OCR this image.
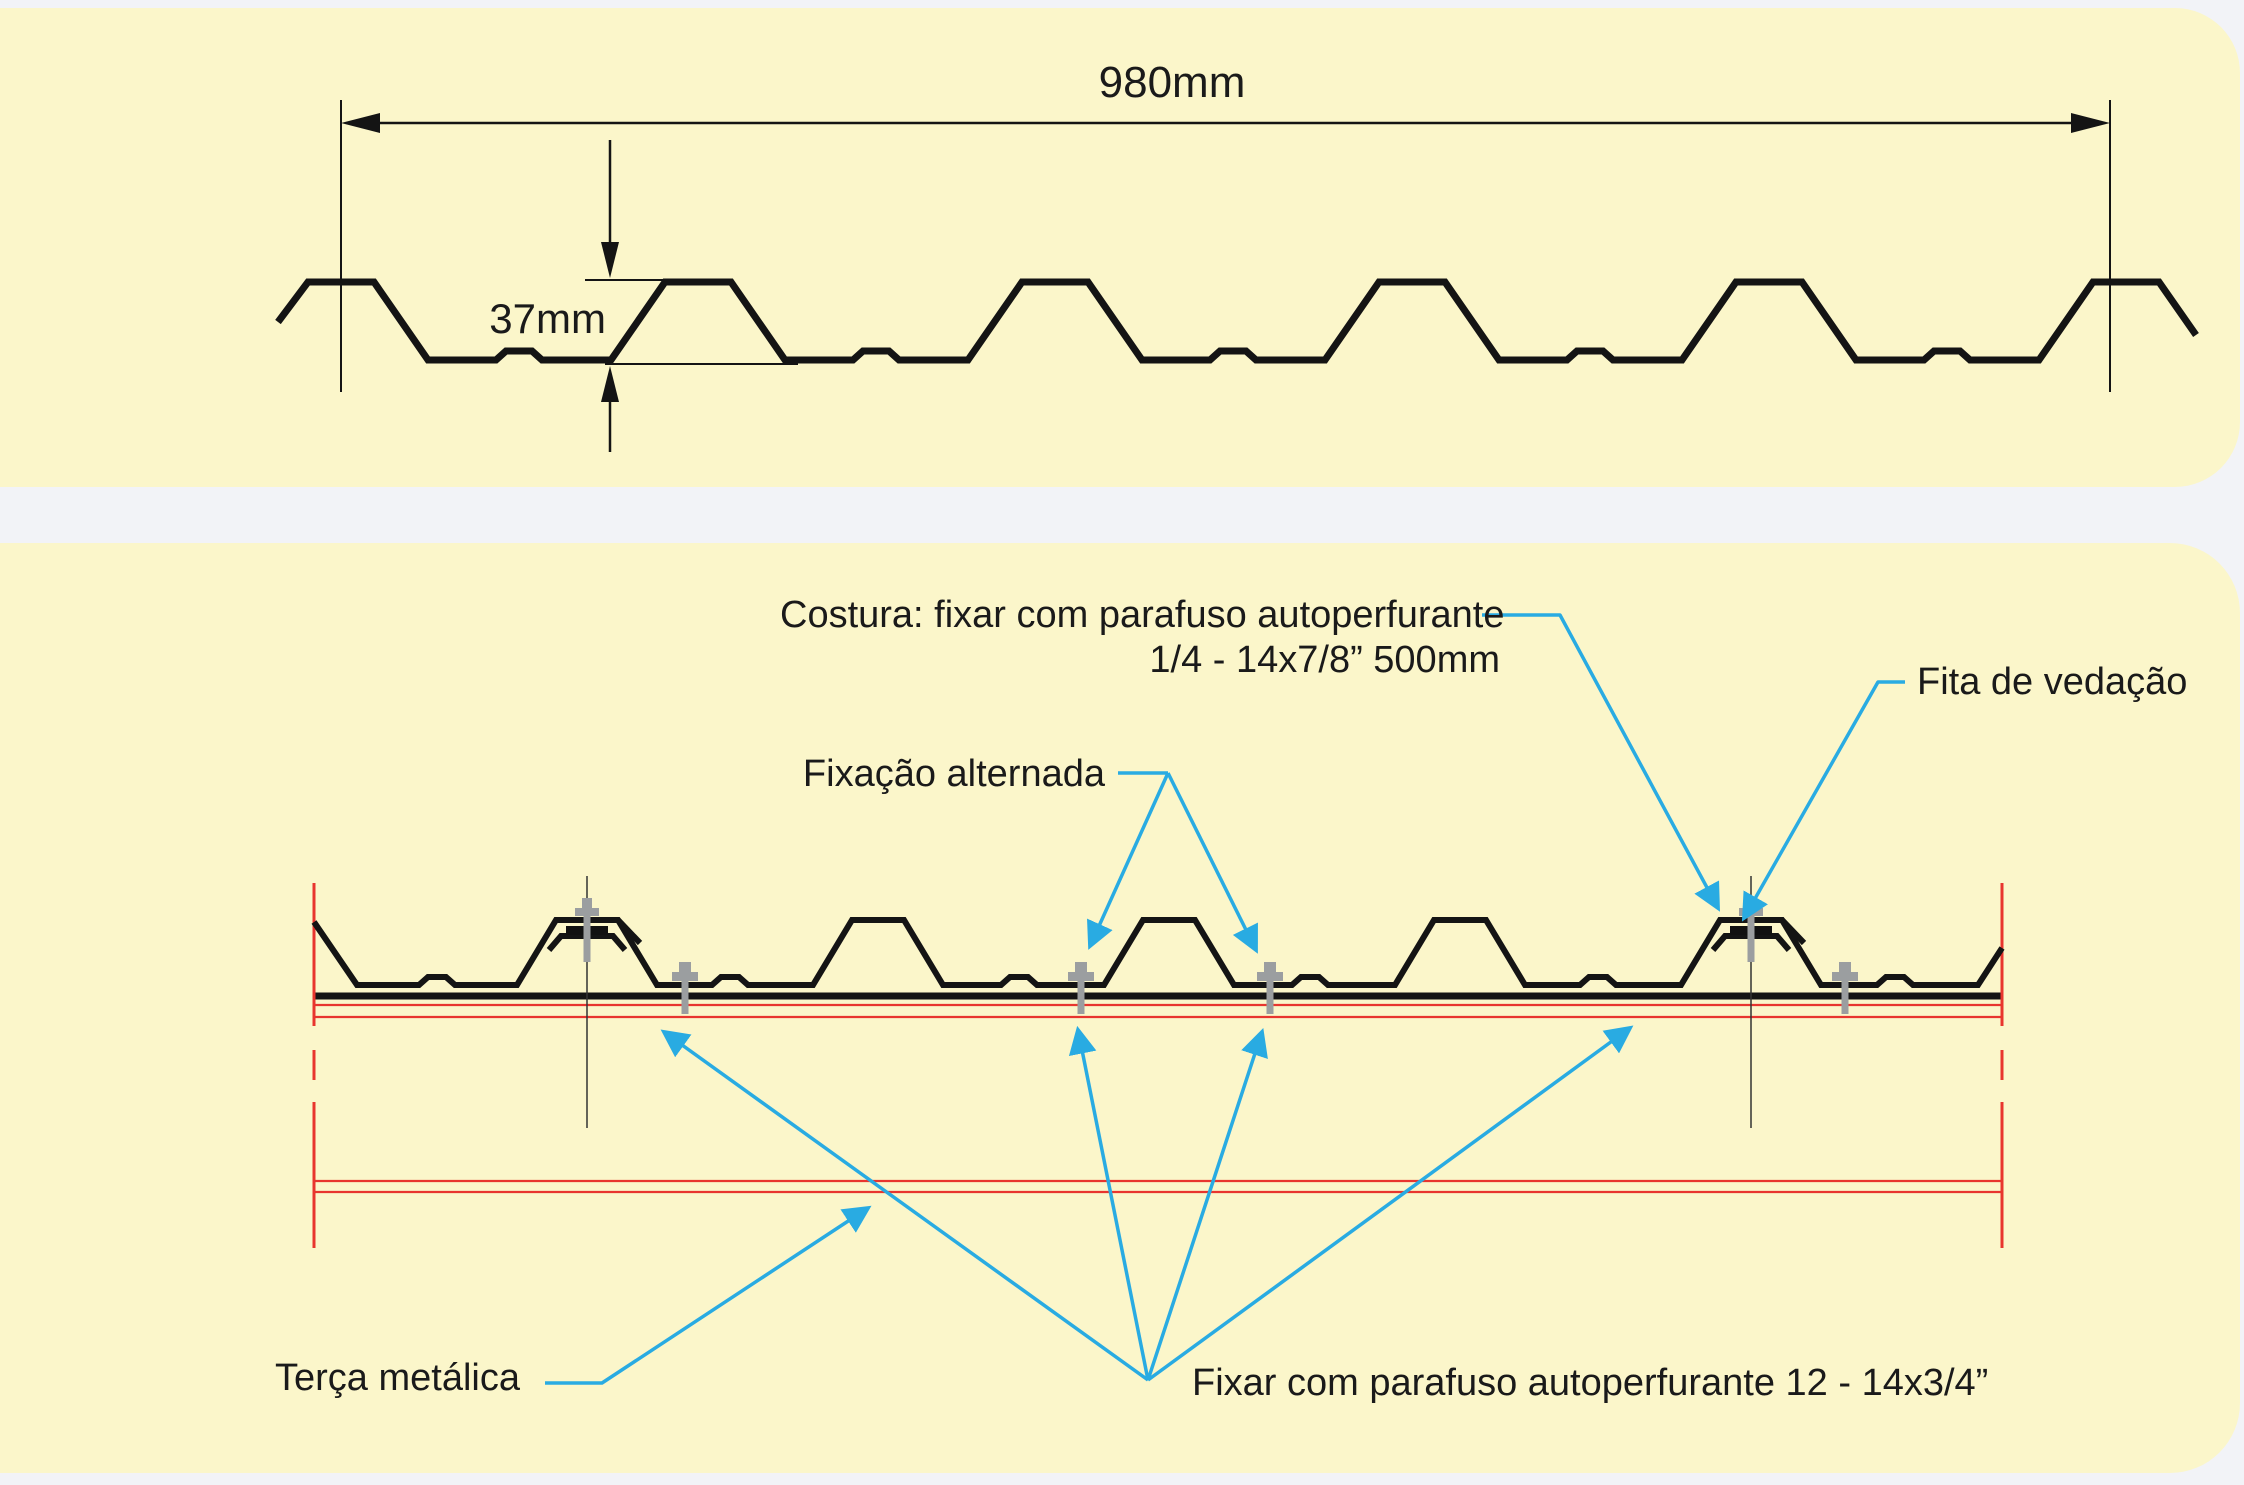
980mm
37mm
Costura: fixar com parafuso autoperfurante
1/4 - 14x7/8” 500mm
Fita de vedação
Fixação alternada
Terça metálica	Fixar com parafuso autoperfurante 12 - 14x3/4”
